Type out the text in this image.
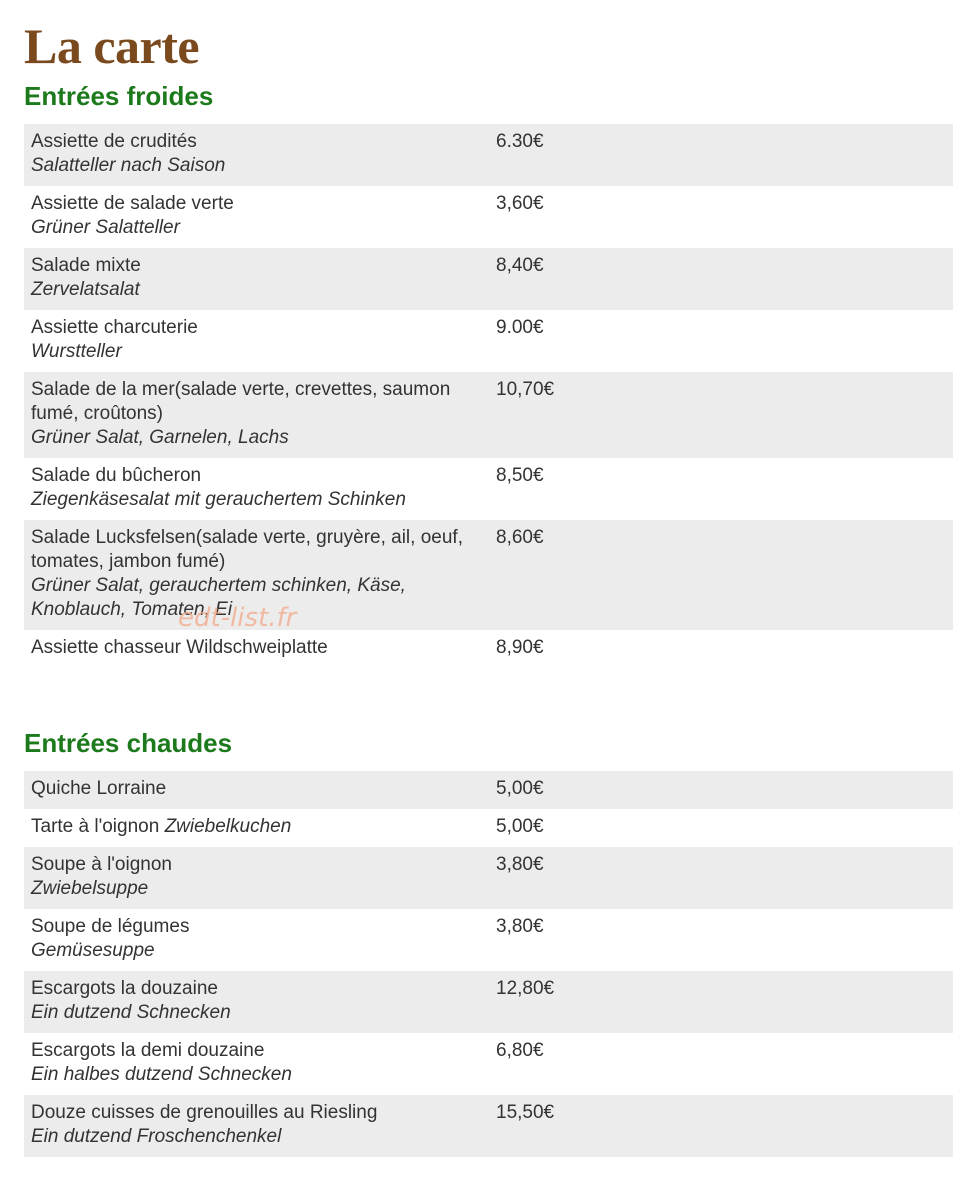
La carte
Entrées froides
Assiette de crudités
Salatteller nach Saison
6.30€
Assiette de salade verte
Grüner Salatteller
3,60€
Salade mixte
Zervelatsalat
8,40€
Assiette charcuterie
Wurstteller
9.00€
Salade de la mer(salade verte, crevettes, saumon fumé, croûtons)
Grüner Salat, Garnelen, Lachs
10,70€
Salade du bûcheron
Ziegenkäsesalat mit gerauchertem Schinken
8,50€
Salade Lucksfelsen(salade verte, gruyère, ail, oeuf, tomates, jambon fumé)
Grüner Salat, gerauchertem schinken, Käse, Knoblauch, Tomaten, Ei
8,60€
Assiette chasseur Wildschweiplatte	8,90€
Entrées chaudes
Quiche Lorraine	5,00€
Tarte à l'oignon Zwiebelkuchen	5,00€
Soupe à l'oignon
Zwiebelsuppe
3,80€
Soupe de légumes
Gemüsesuppe
3,80€
Escargots la douzaine
Ein dutzend Schnecken
12,80€
Escargots la demi douzaine
Ein halbes dutzend Schnecken
6,80€
Douze cuisses de grenouilles au Riesling
Ein dutzend Froschenchenkel
15,50€
edt-list.fr
